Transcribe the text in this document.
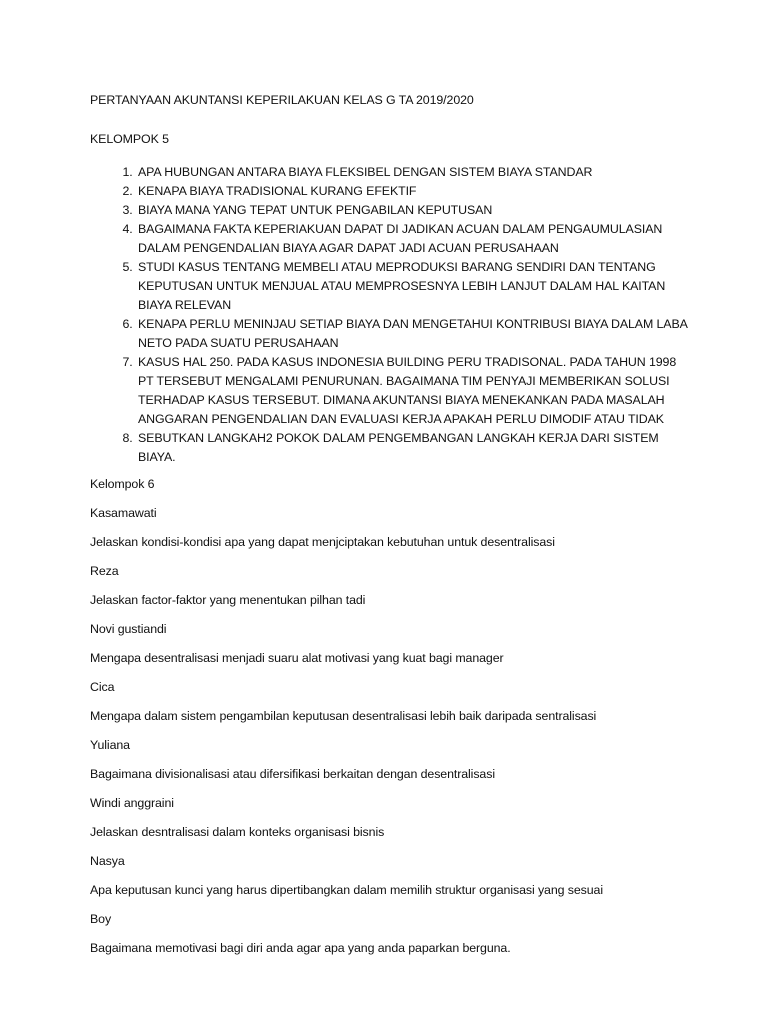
PERTANYAAN AKUNTANSI KEPERILAKUAN KELAS G TA 2019/2020

KELOMPOK 5

1. APA HUBUNGAN ANTARA BIAYA FLEKSIBEL DENGAN SISTEM BIAYA STANDAR
2. KENAPA BIAYA TRADISIONAL KURANG EFEKTIF
3. BIAYA MANA YANG TEPAT UNTUK PENGABILAN KEPUTUSAN
4. BAGAIMANA FAKTA KEPERIAKUAN DAPAT DI JADIKAN ACUAN DALAM PENGAUMULASIAN DALAM PENGENDALIAN BIAYA AGAR DAPAT JADI ACUAN PERUSAHAAN
5. STUDI KASUS TENTANG MEMBELI ATAU MEPRODUKSI BARANG SENDIRI DAN TENTANG KEPUTUSAN UNTUK MENJUAL ATAU MEMPROSESNYA LEBIH LANJUT DALAM HAL KAITAN BIAYA RELEVAN
6. KENAPA PERLU MENINJAU SETIAP BIAYA DAN MENGETAHUI KONTRIBUSI BIAYA DALAM LABA NETO PADA SUATU PERUSAHAAN
7. KASUS HAL 250. PADA KASUS INDONESIA BUILDING PERU TRADISONAL. PADA TAHUN 1998 PT TERSEBUT MENGALAMI PENURUNAN. BAGAIMANA TIM PENYAJI MEMBERIKAN SOLUSI TERHADAP KASUS TERSEBUT. DIMANA AKUNTANSI BIAYA MENEKANKAN PADA MASALAH ANGGARAN PENGENDALIAN DAN EVALUASI KERJA APAKAH PERLU DIMODIF ATAU TIDAK
8. SEBUTKAN LANGKAH2 POKOK DALAM PENGEMBANGAN LANGKAH KERJA DARI SISTEM BIAYA.

Kelompok 6

Kasamawati

Jelaskan kondisi-kondisi apa yang dapat menjciptakan kebutuhan untuk desentralisasi

Reza

Jelaskan factor-faktor yang menentukan pilhan tadi

Novi gustiandi

Mengapa desentralisasi menjadi suaru alat motivasi yang kuat bagi manager

Cica

Mengapa dalam sistem pengambilan keputusan desentralisasi lebih baik daripada sentralisasi

Yuliana

Bagaimana divisionalisasi atau difersifikasi berkaitan dengan desentralisasi

Windi anggraini

Jelaskan desntralisasi dalam konteks organisasi bisnis

Nasya

Apa keputusan kunci yang harus dipertibangkan dalam memilih struktur organisasi yang sesuai

Boy

Bagaimana memotivasi bagi diri anda agar apa yang anda paparkan berguna.
